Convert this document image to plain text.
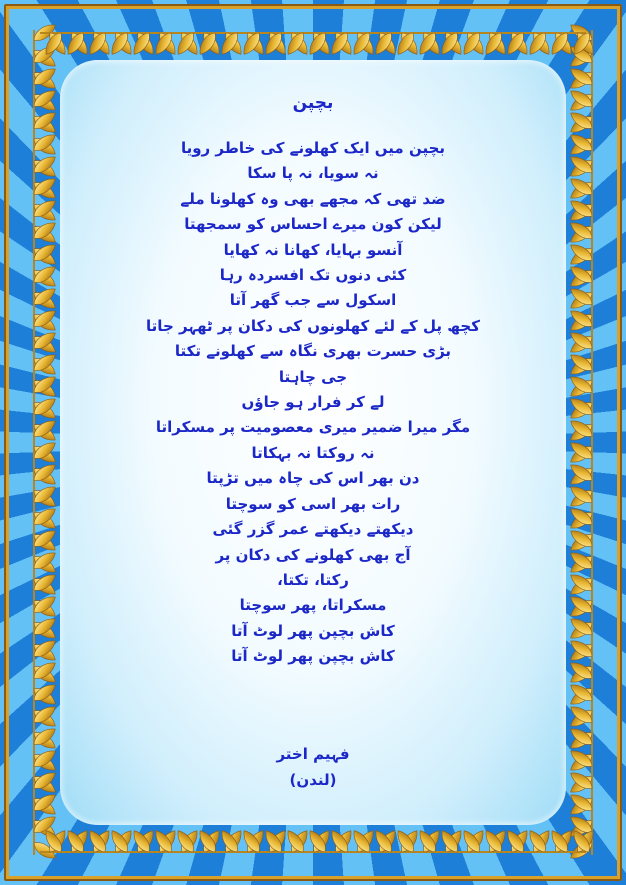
بچپن
بچپن میں ایک کھلونے کی خاطر رویا
نہ سویا، نہ پا سکا
ضد تھی کہ مجھے بھی وہ کھلونا ملے
لیکن کون میرے احساس کو سمجھتا
آنسو بہایا، کھانا نہ کھایا
کئی دنوں تک افسردہ رہا
اسکول سے جب گھر آتا
کچھ پل کے لئے کھلونوں کی دکان پر ٹھہر جاتا
بڑی حسرت بھری نگاہ سے کھلونے تکتا
جی چاہتا
لے کر فرار ہو جاؤں
مگر میرا ضمیر میری معصومیت پر مسکراتا
نہ روکتا نہ بہکاتا
دن بھر اس کی چاہ میں تڑپتا
رات بھر اسی کو سوچتا
دیکھتے دیکھتے عمر گزر گئی
آج بھی کھلونے کی دکان پر
رکتا، تکتا،
مسکراتا، پھر سوچتا
کاش بچپن پھر لوٹ آتا
کاش بچپن پھر لوٹ آتا
فہیم اختر
(لندن)
